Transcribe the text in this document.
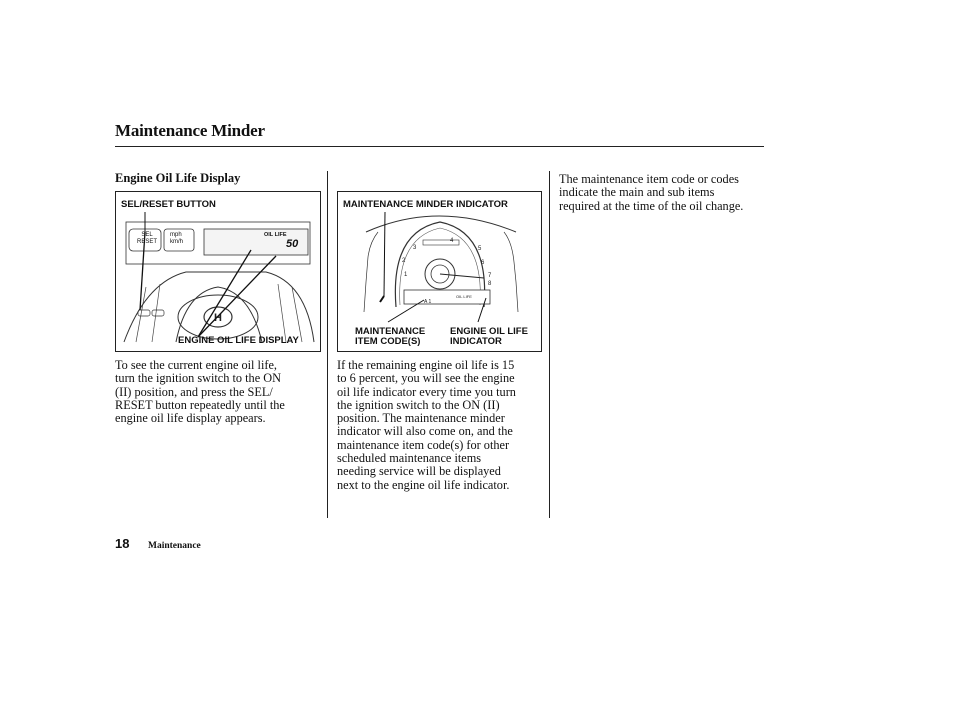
Maintenance Minder
Engine Oil Life Display
H
SEL/RESET BUTTON
SEL
RESET
mph
km/h
OIL LIFE
50
ENGINE OIL LIFE DISPLAY
To see the current engine oil life,
turn the ignition switch to the ON
(II) position, and press the SEL/
RESET button repeatedly until the
engine oil life display appears.
3
4
5
2	6
1	7
8
OIL LIFE
A 1
MAINTENANCE MINDER INDICATOR
MAINTENANCE
ITEM CODE(S)
ENGINE OIL LIFE
INDICATOR
If the remaining engine oil life is 15
to 6 percent, you will see the engine
oil life indicator every time you turn
the ignition switch to the ON (II)
position. The maintenance minder
indicator will also come on, and the
maintenance item code(s) for other
scheduled maintenance items
needing service will be displayed
next to the engine oil life indicator.
The maintenance item code or codes
indicate the main and sub items
required at the time of the oil change.
18 Maintenance
